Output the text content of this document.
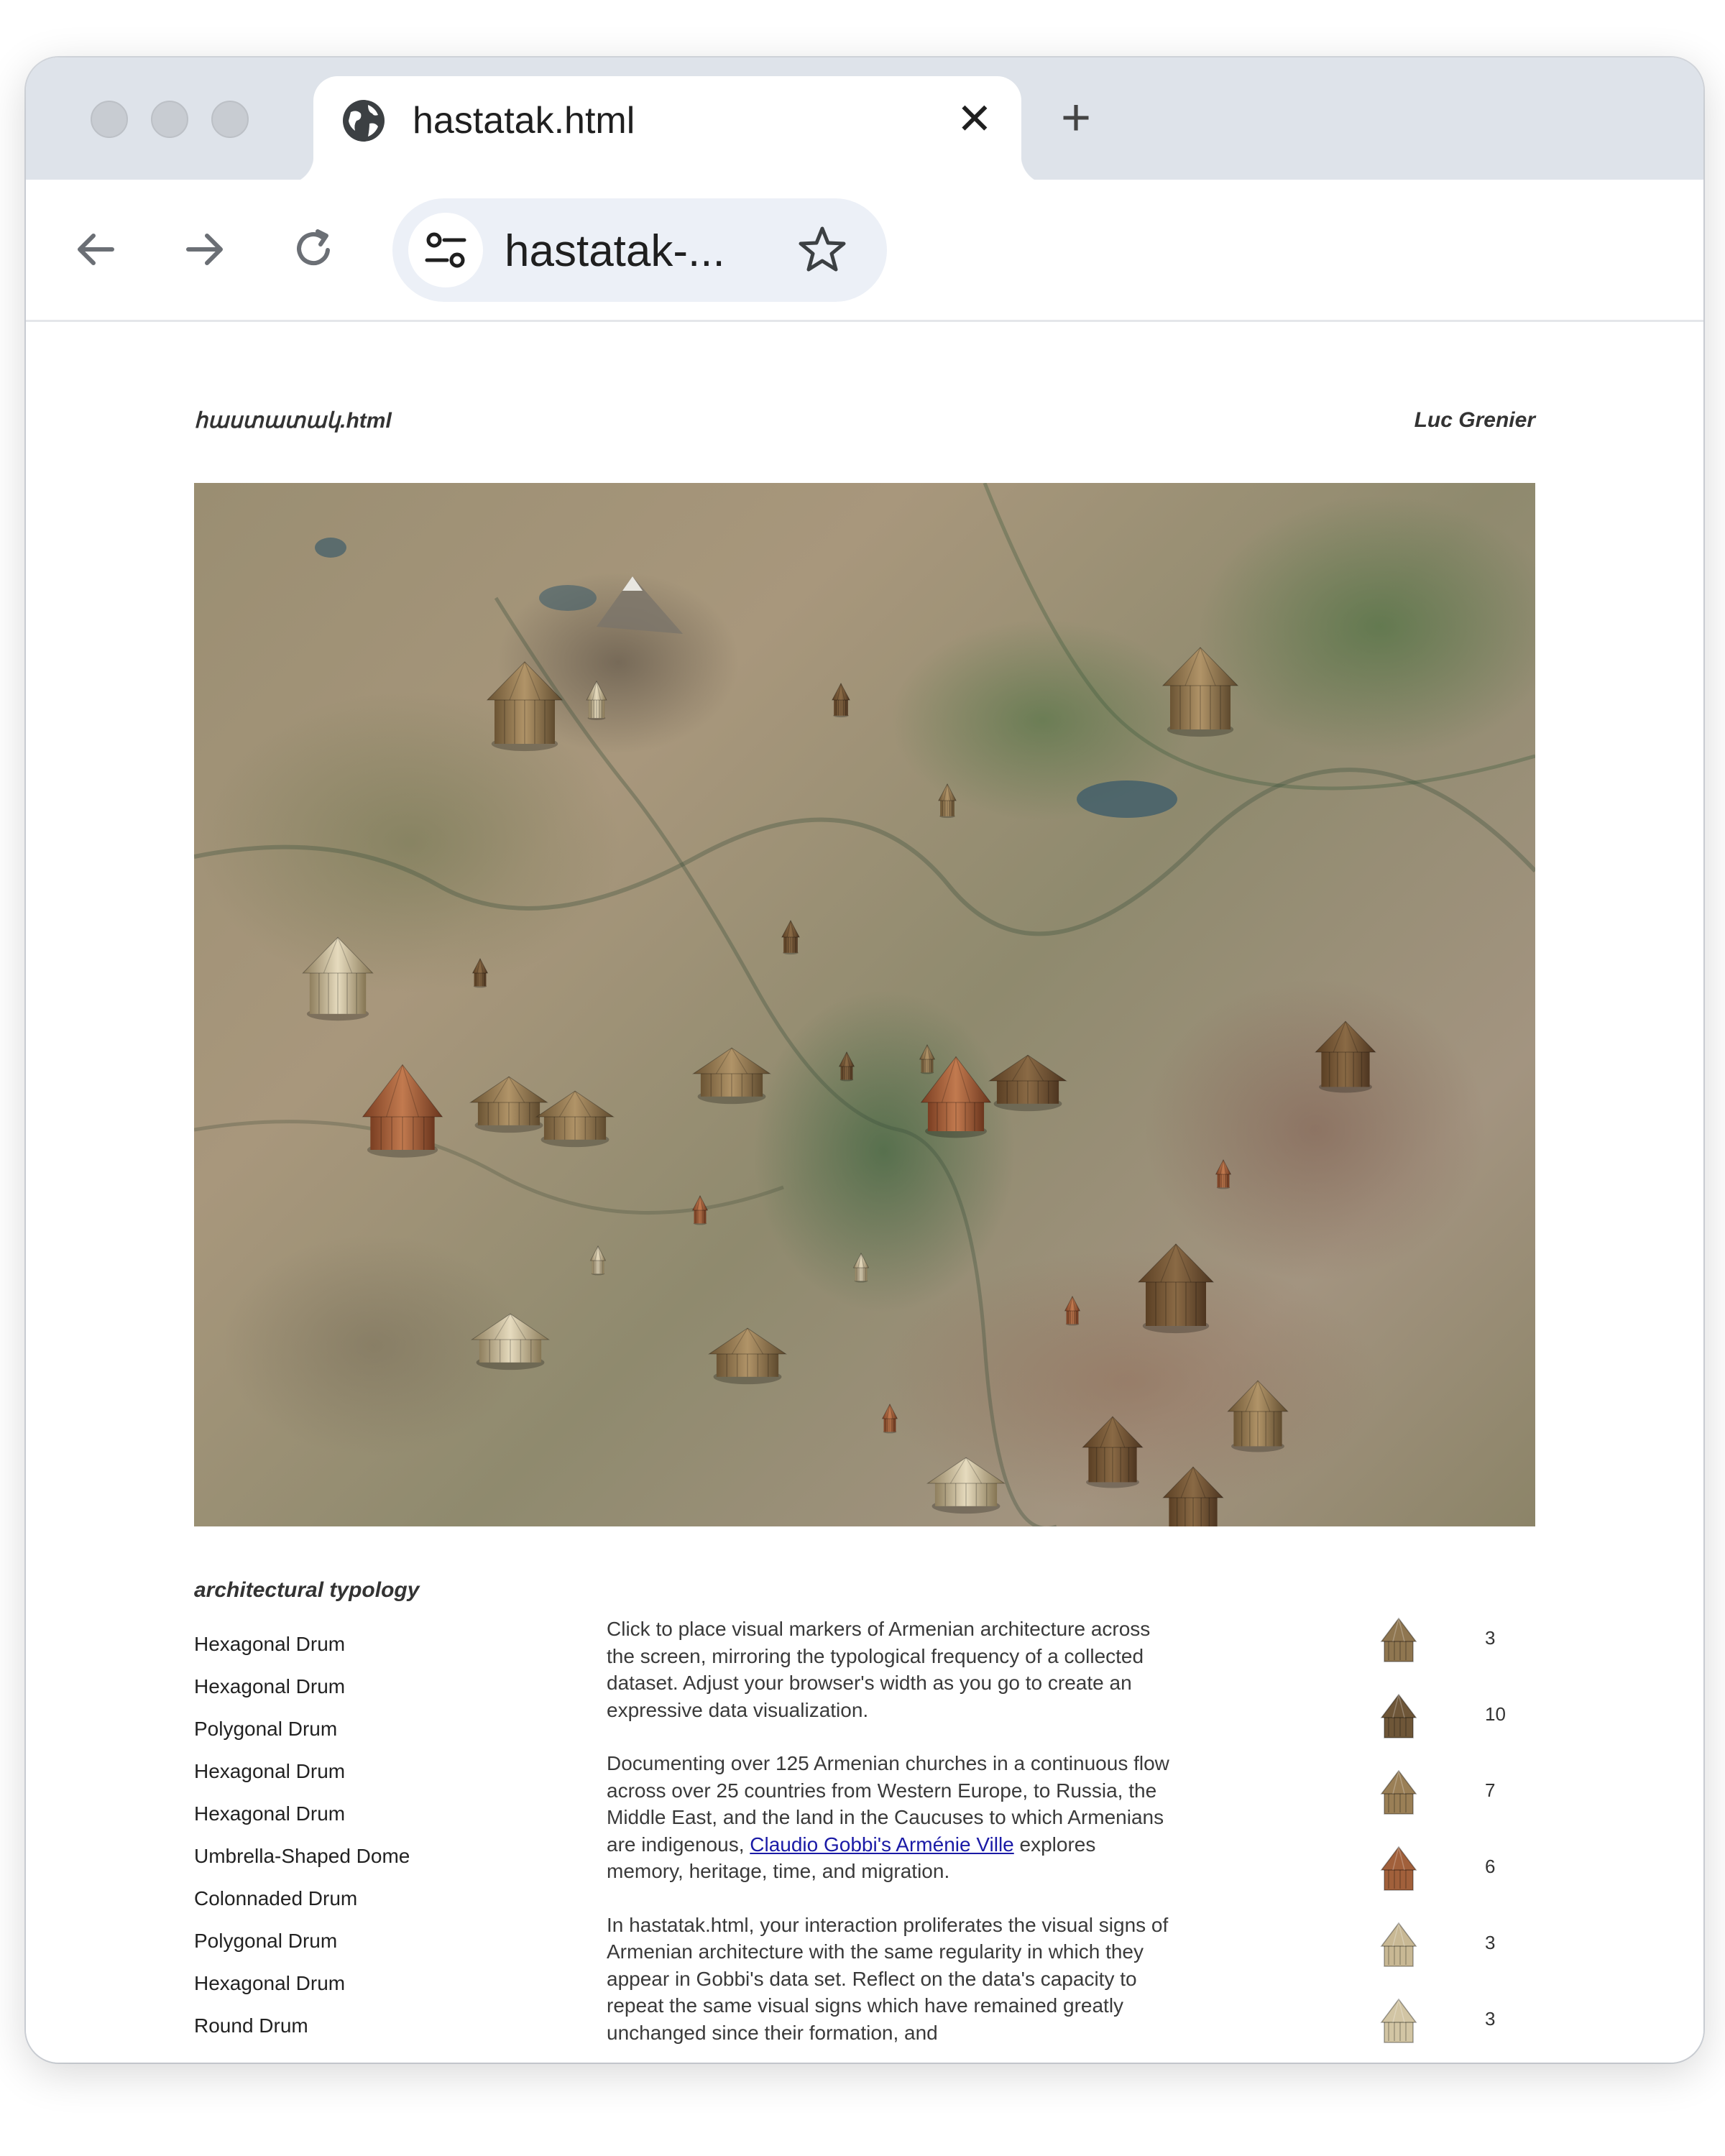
hastatak.html	✕ +
hastatak-...
հաստատակ.html	Luc Grenier
architectural typology
Hexagonal Drum
Hexagonal Drum
Polygonal Drum
Hexagonal Drum
Hexagonal Drum
Umbrella-Shaped Dome
Colonnaded Drum
Polygonal Drum
Hexagonal Drum
Round Drum

Click to place visual markers of Armenian architecture across the screen, mirroring the typological frequency of a collected dataset. Adjust your browser's width as you go to create an expressive data visualization.

Documenting over 125 Armenian churches in a continuous flow across over 25 countries from Western Europe, to Russia, the Middle East, and the land in the Caucuses to which Armenians are indigenous, Claudio Gobbi's Arménie Ville explores memory, heritage, time, and migration.

In hastatak.html, your interaction proliferates the visual signs of Armenian architecture with the same regularity in which they appear in Gobbi's data set. Reflect on the data's capacity to repeat the same visual signs which have remained greatly unchanged since their formation, and

3
10
7
6
3
3
